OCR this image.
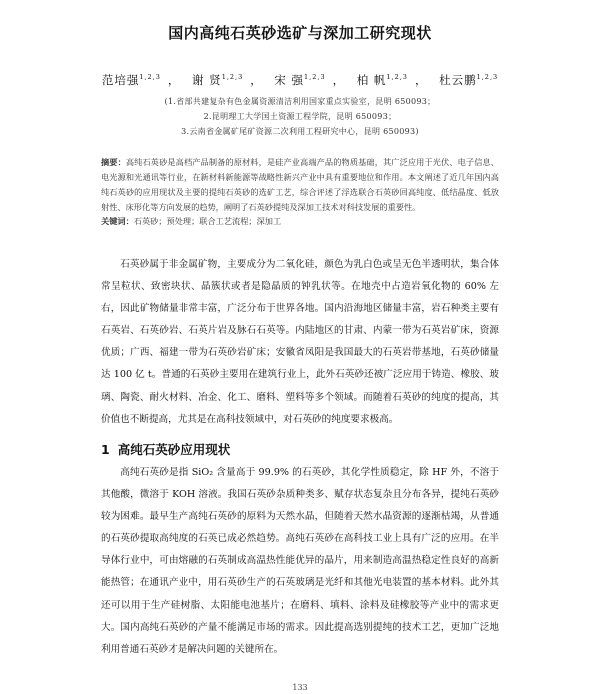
国内高纯石英砂选矿与深加工研究现状
范培强$^{1,2,3}$ ， 谢 贤$^{1,2,3}$ ， 宋 强$^{1,2,3}$ ， 柏 帆$^{1,2,3}$ ， 杜云鹏$^{1,2,3}$
(1.省部共建复杂有色金属资源清洁利用国家重点实验室，昆明 650093；
2.昆明理工大学国土资源工程学院，昆明 650093；
3.云南省金属矿尾矿资源二次利用工程研究中心，昆明 650093)
摘要：高纯石英砂是高档产品制备的原材料，是硅产业高端产品的物质基础，其广泛应用于光伏、电子信息、电光源和光通讯等行业，在新材料新能源等战略性新兴产业中具有重要地位和作用。本文阐述了近几年国内高纯石英砂的应用现状及主要的提纯石英砂的选矿工艺，综合评述了浮选联合石英砂回高纯度、低结晶度、低放射性、床形化等方向发展的趋势，阐明了石英砂提纯及深加工技术对科技发展的重要性。
关键词：石英砂；预处理；联合工艺流程；深加工
石英砂属于非金属矿物，主要成分为二氧化硅，颜色为乳白色或呈无色半透明状，集合体常呈粒状、致密块状、晶簇状或者是隐晶质的钟乳状等。在地壳中占造岩氧化物的 60% 左右，因此矿物储量非常丰富，广泛分布于世界各地。国内沿海地区储量丰富，岩石种类主要有石英岩、石英砂岩、石英片岩及脉石石英等。内陆地区的甘肃、内蒙一带为石英岩矿床，资源优质；广西、福建一带为石英砂岩矿床；安徽省凤阳是我国最大的石英岩带基地，石英砂储量达 100 亿 t。普通的石英砂主要用在建筑行业上，此外石英砂还被广泛应用于铸造、橡胶、玻璃、陶瓷、耐火材料、冶金、化工、磨料、塑料等多个领域。而随着石英砂的纯度的提高，其价值也不断提高，尤其是在高科技领域中，对石英砂的纯度要求极高。
1 高纯石英砂应用现状
高纯石英砂是指 SiO₂ 含量高于 99.9% 的石英砂，其化学性质稳定，除 HF 外，不溶于其他酸，微溶于 KOH 溶液。我国石英砂杂质种类多、赋存状态复杂且分布各异，提纯石英砂较为困难。最早生产高纯石英砂的原料为天然水晶，但随着天然水晶资源的逐渐枯竭，从普通的石英砂提取高纯度的石英已成必然趋势。高纯石英砂在高科技工业上具有广泛的应用。在半导体行业中，可由熔融的石英制成高温热性能优异的晶片，用来制造高温热稳定性良好的高新能热管；在通讯产业中，用石英砂生产的石英玻璃是光纤和其他光电装置的基本材料。此外其还可以用于生产硅树脂、太阳能电池基片；在磨料、填料、涂料及硅橡胶等产业中的需求更大。国内高纯石英砂的产量不能满足市场的需求。因此提高选别提纯的技术工艺，更加广泛地利用普通石英砂才是解决问题的关键所在。
133
